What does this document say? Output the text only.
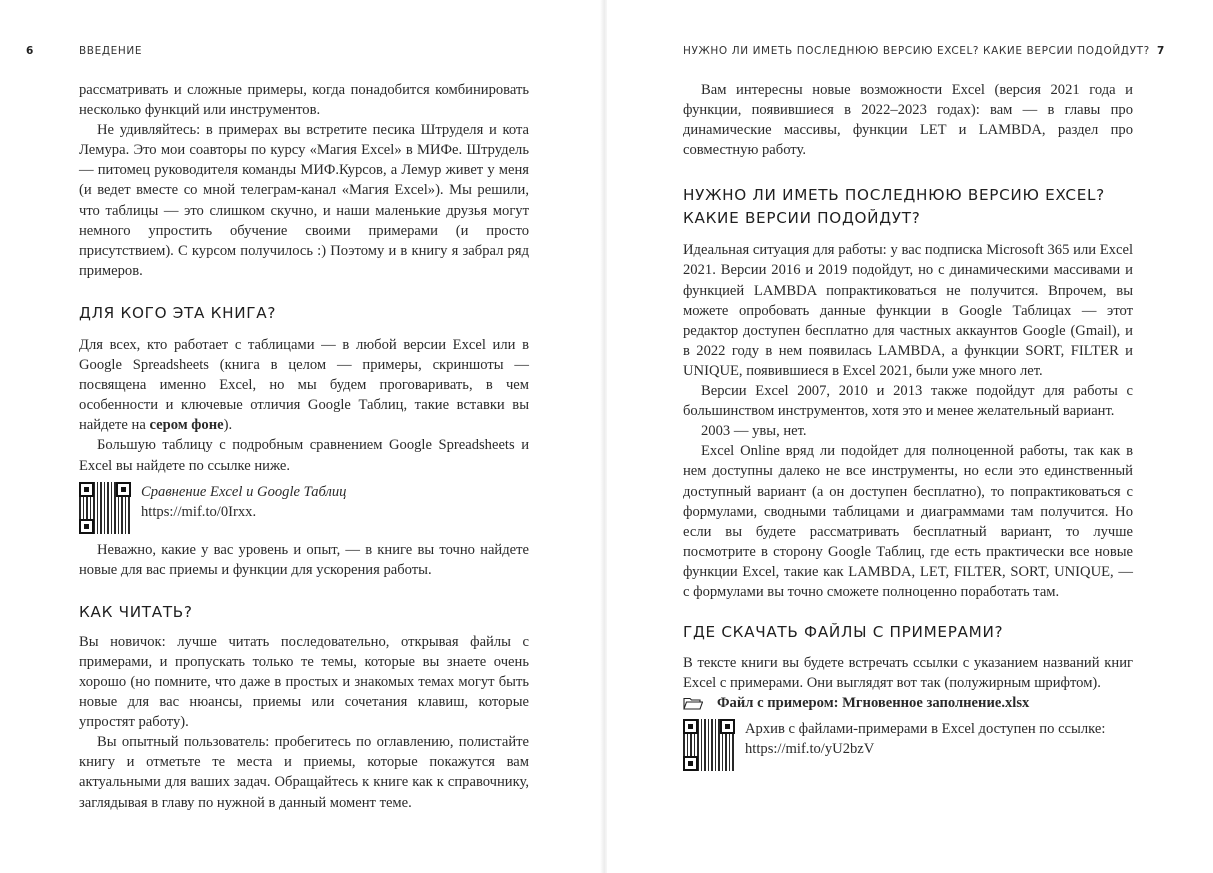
6	ВВЕДЕНИЕ

рассматривать и сложные примеры, когда понадобится комбинировать несколько функций или инструментов.

Не удивляйтесь: в примерах вы встретите песика Штруделя и кота Лемура. Это мои соавторы по курсу «Магия Excel» в МИФе. Штрудель — питомец руководителя команды МИФ.Курсов, а Лемур живет у меня (и ведет вместе со мной телеграм-канал «Магия Excel»). Мы решили, что таблицы — это слишком скучно, и наши маленькие друзья могут немного упростить обучение своими примерами (и просто присутствием). С курсом получилось :) Поэтому и в книгу я забрал ряд примеров.

ДЛЯ КОГО ЭТА КНИГА?

Для всех, кто работает с таблицами — в любой версии Excel или в Google Spreadsheets (книга в целом — примеры, скриншоты — посвящена именно Excel, но мы будем проговаривать, в чем особенности и ключевые отличия Google Таблиц, такие вставки вы найдете на сером фоне).

Большую таблицу с подробным сравнением Google Spreadsheets и Excel вы найдете по ссылке ниже.

Сравнение Excel и Google Таблиц

https://mif.to/0Irxx.

Неважно, какие у вас уровень и опыт, — в книге вы точно найдете новые для вас приемы и функции для ускорения работы.

КАК ЧИТАТЬ?

Вы новичок: лучше читать последовательно, открывая файлы с примерами, и пропускать только те темы, которые вы знаете очень хорошо (но помните, что даже в простых и знакомых темах могут быть новые для вас нюансы, приемы или сочетания клавиш, которые упростят работу).

Вы опытный пользователь: пробегитесь по оглавлению, полистайте книгу и отметьте те места и приемы, которые покажутся вам актуальными для ваших задач. Обращайтесь к книге как к справочнику, заглядывая в главу по нужной в данный момент теме.

НУЖНО ЛИ ИМЕТЬ ПОСЛЕДНЮЮ ВЕРСИЮ EXCEL? КАКИЕ ВЕРСИИ ПОДОЙДУТ? 7

Вам интересны новые возможности Excel (версия 2021 года и функции, появившиеся в 2022–2023 годах): вам — в главы про динамические массивы, функции LET и LAMBDA, раздел про совместную работу.

НУЖНО ЛИ ИМЕТЬ ПОСЛЕДНЮЮ ВЕРСИЮ EXCEL? КАКИЕ ВЕРСИИ ПОДОЙДУТ?

Идеальная ситуация для работы: у вас подписка Microsoft 365 или Excel 2021. Версии 2016 и 2019 подойдут, но с динамическими массивами и функцией LAMBDA попрактиковаться не получится. Впрочем, вы можете опробовать данные функции в Google Таблицах — этот редактор доступен бесплатно для частных аккаунтов Google (Gmail), и в 2022 году в нем появилась LAMBDA, а функции SORT, FILTER и UNIQUE, появившиеся в Excel 2021, были уже много лет.

Версии Excel 2007, 2010 и 2013 также подойдут для работы с большинством инструментов, хотя это и менее желательный вариант.

2003 — увы, нет.

Excel Online вряд ли подойдет для полноценной работы, так как в нем доступны далеко не все инструменты, но если это единственный доступный вариант (а он доступен бесплатно), то попрактиковаться с формулами, сводными таблицами и диаграммами там получится. Но если вы будете рассматривать бесплатный вариант, то лучше посмотрите в сторону Google Таблиц, где есть практически все новые функции Excel, такие как LAMBDA, LET, FILTER, SORT, UNIQUE, — с формулами вы точно сможете полноценно поработать там.

ГДЕ СКАЧАТЬ ФАЙЛЫ С ПРИМЕРАМИ?

В тексте книги вы будете встречать ссылки с указанием названий книг Excel с примерами. Они выглядят вот так (полужирным шрифтом).

Файл с примером: Мгновенное заполнение.xlsx

Архив с файлами-примерами в Excel доступен по ссылке:

https://mif.to/yU2bzV
